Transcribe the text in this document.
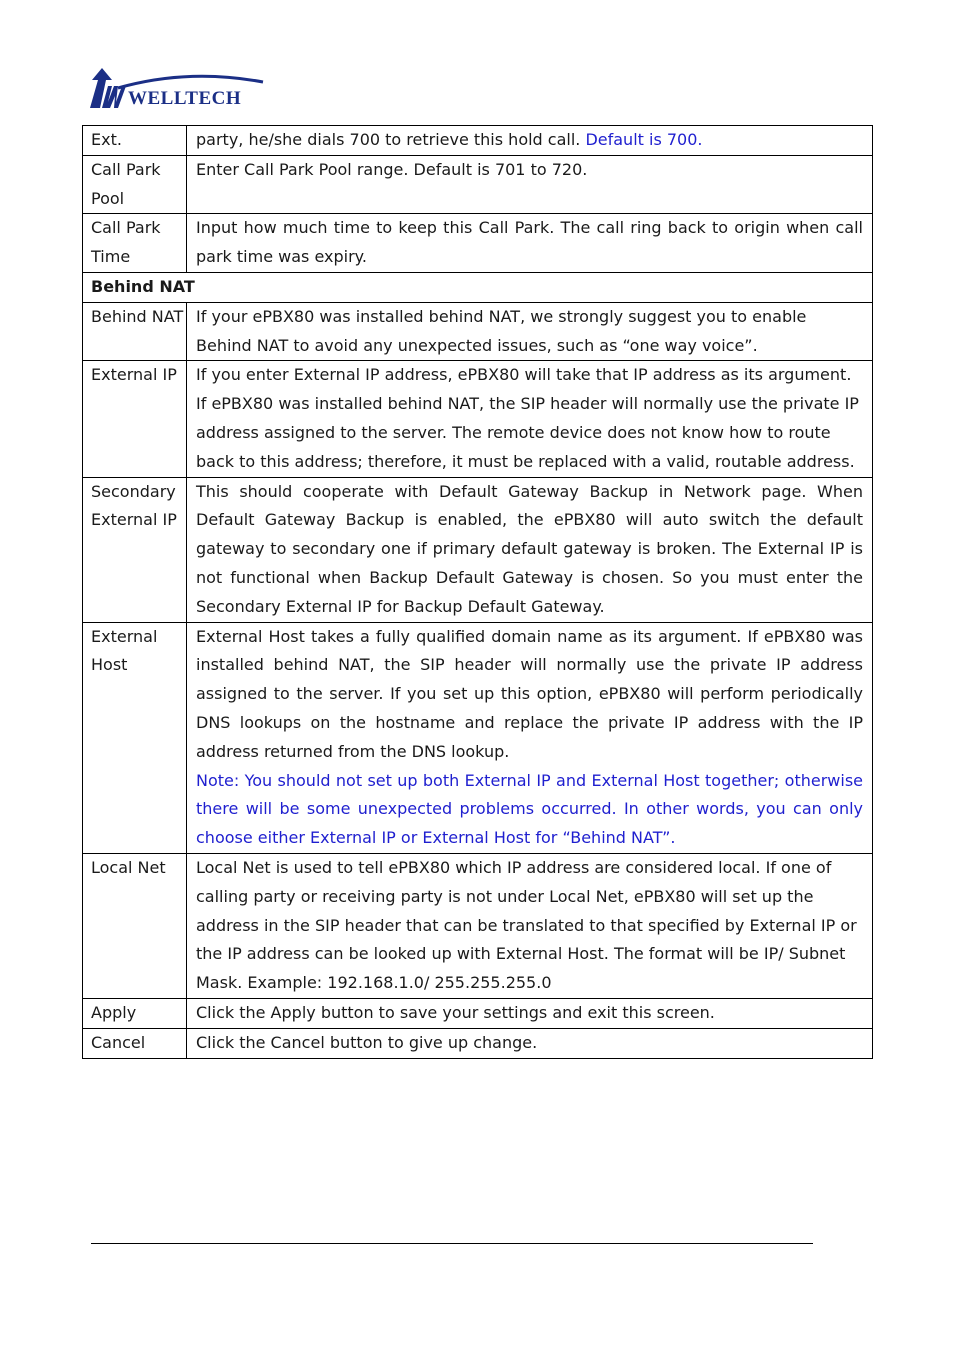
WELLTECH
Ext.	party, he/she dials 700 to retrieve this hold call. Default is 700.
Call Park Pool	Enter Call Park Pool range. Default is 701 to 720.
Call Park Time	Input how much time to keep this Call Park. The call ring back to origin when call park time was expiry.
Behind NAT	
Behind NAT	If your ePBX80 was installed behind NAT, we strongly suggest you to enable Behind NAT to avoid any unexpected issues, such as “one way voice”.
External IP	If you enter External IP address, ePBX80 will take that IP address as its argument. If ePBX80 was installed behind NAT, the SIP header will normally use the private IP address assigned to the server. The remote device does not know how to route back to this address; therefore, it must be replaced with a valid, routable address.
Secondary External IP	This should cooperate with Default Gateway Backup in Network page. When Default Gateway Backup is enabled, the ePBX80 will auto switch the default gateway to secondary one if primary default gateway is broken. The External IP is not functional when Backup Default Gateway is chosen. So you must enter the Secondary External IP for Backup Default Gateway.
External Host	External Host takes a fully qualified domain name as its argument. If ePBX80 was installed behind NAT, the SIP header will normally use the private IP address assigned to the server. If you set up this option, ePBX80 will perform periodically DNS lookups on the hostname and replace the private IP address with the IP address returned from the DNS lookup.
Note: You should not set up both External IP and External Host together; otherwise there will be some unexpected problems occurred. In other words, you can only choose either External IP or External Host for “Behind NAT”.

Local Net	Local Net is used to tell ePBX80 which IP address are considered local. If one of calling party or receiving party is not under Local Net, ePBX80 will set up the address in the SIP header that can be translated to that specified by External IP or the IP address can be looked up with External Host. The format will be IP/ Subnet Mask. Example: 192.168.1.0/ 255.255.255.0
Apply	Click the Apply button to save your settings and exit this screen.
Cancel	Click the Cancel button to give up change.
